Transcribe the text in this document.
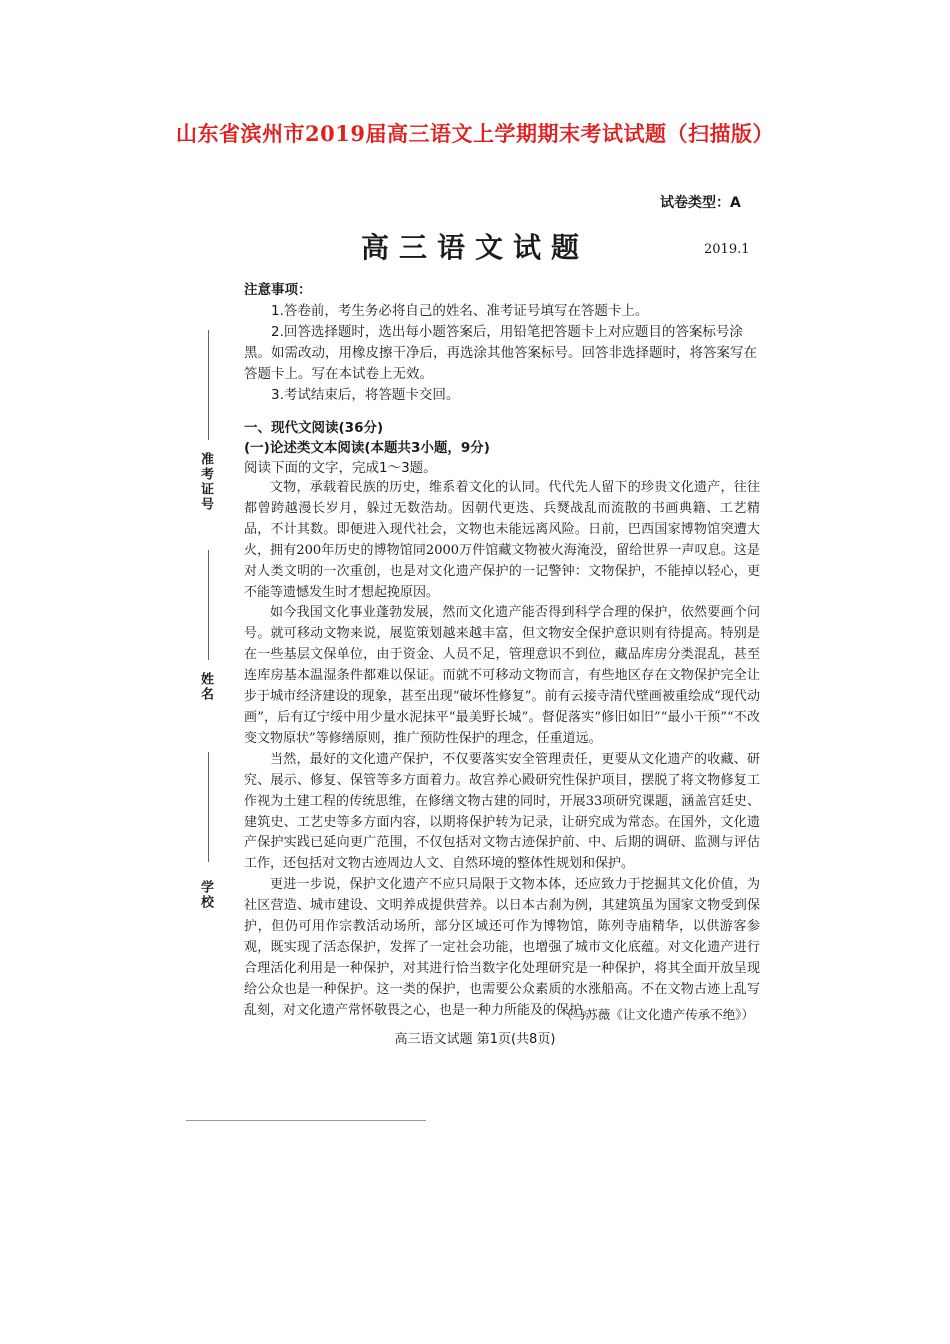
山东省滨州市2019届高三语文上学期期末考试试题（扫描版）
试卷类型：A
高三语文试题	2019.1
注意事项：
1.答卷前，考生务必将自己的姓名、准考证号填写在答题卡上。
2.回答选择题时，选出每小题答案后，用铅笔把答题卡上对应题目的答案标号涂黑。如需改动，用橡皮擦干净后，再选涂其他答案标号。回答非选择题时，将答案写在答题卡上。写在本试卷上无效。
3.考试结束后，将答题卡交回。
一、现代文阅读(36分)
(一)论述类文本阅读(本题共3小题，9分)
阅读下面的文字，完成1～3题。

文物，承载着民族的历史，维系着文化的认同。代代先人留下的珍贵文化遗产，往往都曾跨越漫长岁月，躲过无数浩劫。因朝代更迭、兵燹战乱而流散的书画典籍、工艺精品，不计其数。即便进入现代社会，文物也未能远离风险。日前，巴西国家博物馆突遭大火，拥有200年历史的博物馆同2000万件馆藏文物被火海淹没，留给世界一声叹息。这是对人类文明的一次重创，也是对文化遗产保护的一记警钟：文物保护，不能掉以轻心，更不能等遗憾发生时才想起挽原因。

如今我国文化事业蓬勃发展，然而文化遗产能否得到科学合理的保护，依然要画个问号。就可移动文物来说，展览策划越来越丰富，但文物安全保护意识则有待提高。特别是在一些基层文保单位，由于资金、人员不足，管理意识不到位，藏品库房分类混乱，甚至连库房基本温湿条件都难以保证。而就不可移动文物而言，有些地区存在文物保护完全让步于城市经济建设的现象，甚至出现“破坏性修复”。前有云接寺清代壁画被重绘成“现代动画”，后有辽宁绥中用少量水泥抹平“最美野长城”。督促落实“修旧如旧”“最小干预”“不改变文物原状”等修缮原则，推广预防性保护的理念，任重道远。

当然，最好的文化遗产保护，不仅要落实安全管理责任，更要从文化遗产的收藏、研究、展示、修复、保管等多方面着力。故宫养心殿研究性保护项目，摆脱了将文物修复工作视为土建工程的传统思维，在修缮文物古建的同时，开展33项研究课题，涵盖宫廷史、建筑史、工艺史等多方面内容，以期将保护转为记录，让研究成为常态。在国外，文化遗产保护实践已延向更广范围，不仅包括对文物古迹保护前、中、后期的调研、监测与评估工作，还包括对文物古迹周边人文、自然环境的整体性规划和保护。

更进一步说，保护文化遗产不应只局限于文物本体，还应致力于挖掘其文化价值，为社区营造、城市建设、文明养成提供营养。以日本古刹为例，其建筑虽为国家文物受到保护，但仍可用作宗教活动场所，部分区域还可作为博物馆，陈列寺庙精华，以供游客参观，既实现了活态保护，发挥了一定社会功能，也增强了城市文化底蕴。对文化遗产进行合理活化利用是一种保护，对其进行恰当数字化处理研究是一种保护，将其全面开放呈现给公众也是一种保护。这一类的保护，也需要公众素质的水涨船高。不在文物古迹上乱写乱刻，对文化遗产常怀敬畏之心，也是一种力所能及的保护。

（马苏薇《让文化遗产传承不绝》）
高三语文试题 第1页(共8页)
准考证号
姓名
学校
